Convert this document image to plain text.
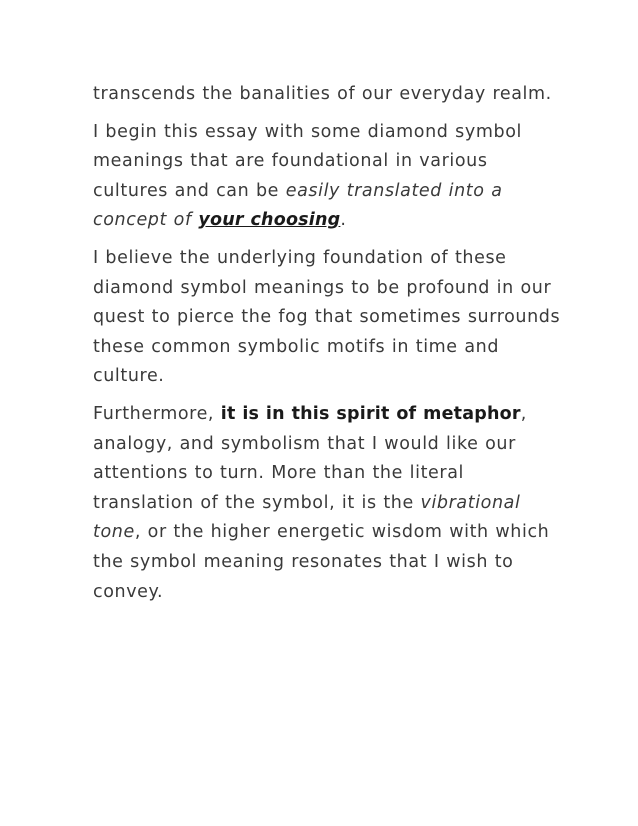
transcends the banalities of our everyday realm.

I begin this essay with some diamond symbol meanings that are foundational in various cultures and can be easily translated into a concept of your choosing.

I believe the underlying foundation of these diamond symbol meanings to be profound in our quest to pierce the fog that sometimes surrounds these common symbolic motifs in time and culture.

Furthermore, it is in this spirit of metaphor, analogy, and symbolism that I would like our attentions to turn. More than the literal translation of the symbol, it is the vibrational tone, or the higher energetic wisdom with which the symbol meaning resonates that I wish to convey.
